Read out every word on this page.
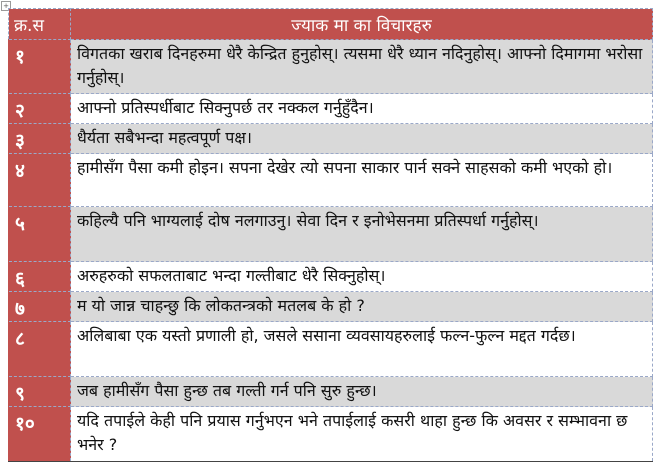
+
क्र.स	ज्याक मा का विचारहरु
१	विगतका खराब दिनहरुमा धेरै केन्द्रित हुनुहोस्। त्यसमा धेरै ध्यान नदिनुहोस्। आफ्नो दिमागमा भरोसा गर्नुहोस्।
२	आफ्नो प्रतिस्पर्धीबाट सिक्नुपर्छ तर नक्कल गर्नुहुँदैन।
३	धैर्यता सबैभन्दा महत्वपूर्ण पक्ष।
४	हामीसँग पैसा कमी होइन। सपना देखेर त्यो सपना साकार पार्न सक्ने साहसको कमी भएको हो।
५	कहिल्यै पनि भाग्यलाई दोष नलगाउनु। सेवा दिन र इनोभेसनमा प्रतिस्पर्धा गर्नुहोस्।
६	अरुहरुको सफलताबाट भन्दा गल्तीबाट धेरै सिक्नुहोस्।
७	म यो जान्न चाहन्छु कि लोकतन्त्रको मतलब के हो ?
८	अलिबाबा एक यस्तो प्रणाली हो, जसले ससाना व्यवसायहरुलाई फल्न-फुल्न मद्दत गर्दछ।
९	जब हामीसँग पैसा हुन्छ तब गल्ती गर्न पनि सुरु हुन्छ।
१०	यदि तपाईले केही पनि प्रयास गर्नुभएन भने तपाईलाई कसरी थाहा हुन्छ कि अवसर र सम्भावना छ भनेर ?
